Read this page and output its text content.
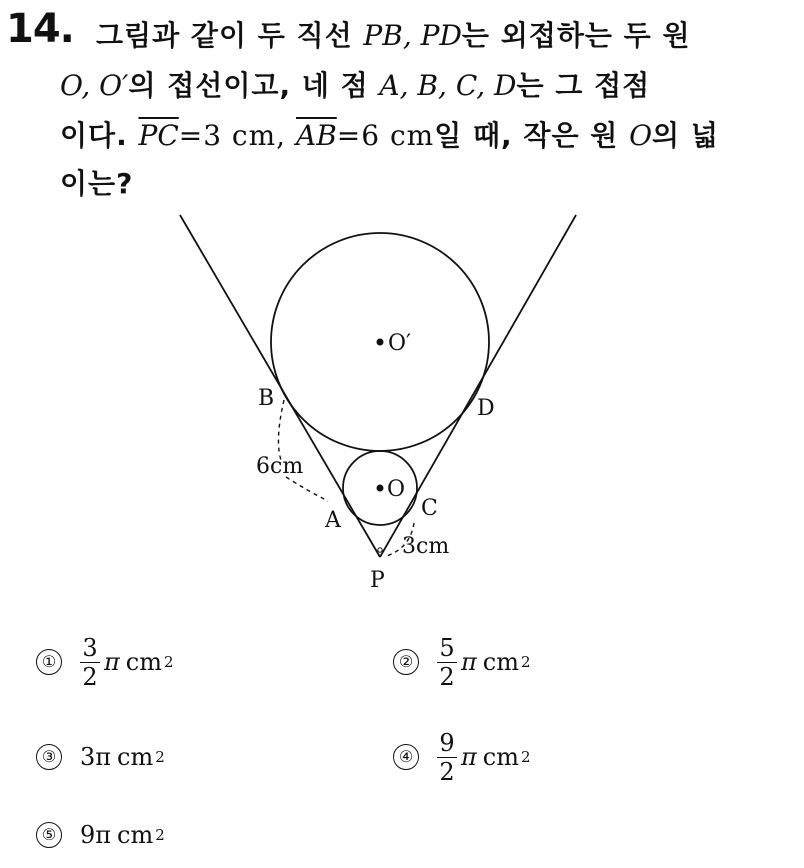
14. 그림과 같이 두 직선 PB, PD는 외접하는 두 원
O, O′의 접선이고, 네 점 A, B, C, D는 그 접점
이다. $\overline{PC}=3$ cm, $\overline{AB}=6$ cm일 때, 작은 원 O의 넓
이는?
O′
O
B	D
A	C
P
6cm
3cm
① $\frac{3}{2}$ π cm 2	② $\frac{5}{2}$ π cm 2
③ 3π cm 2	④ $\frac{9}{2}$ π cm 2
⑤ 9π cm 2
